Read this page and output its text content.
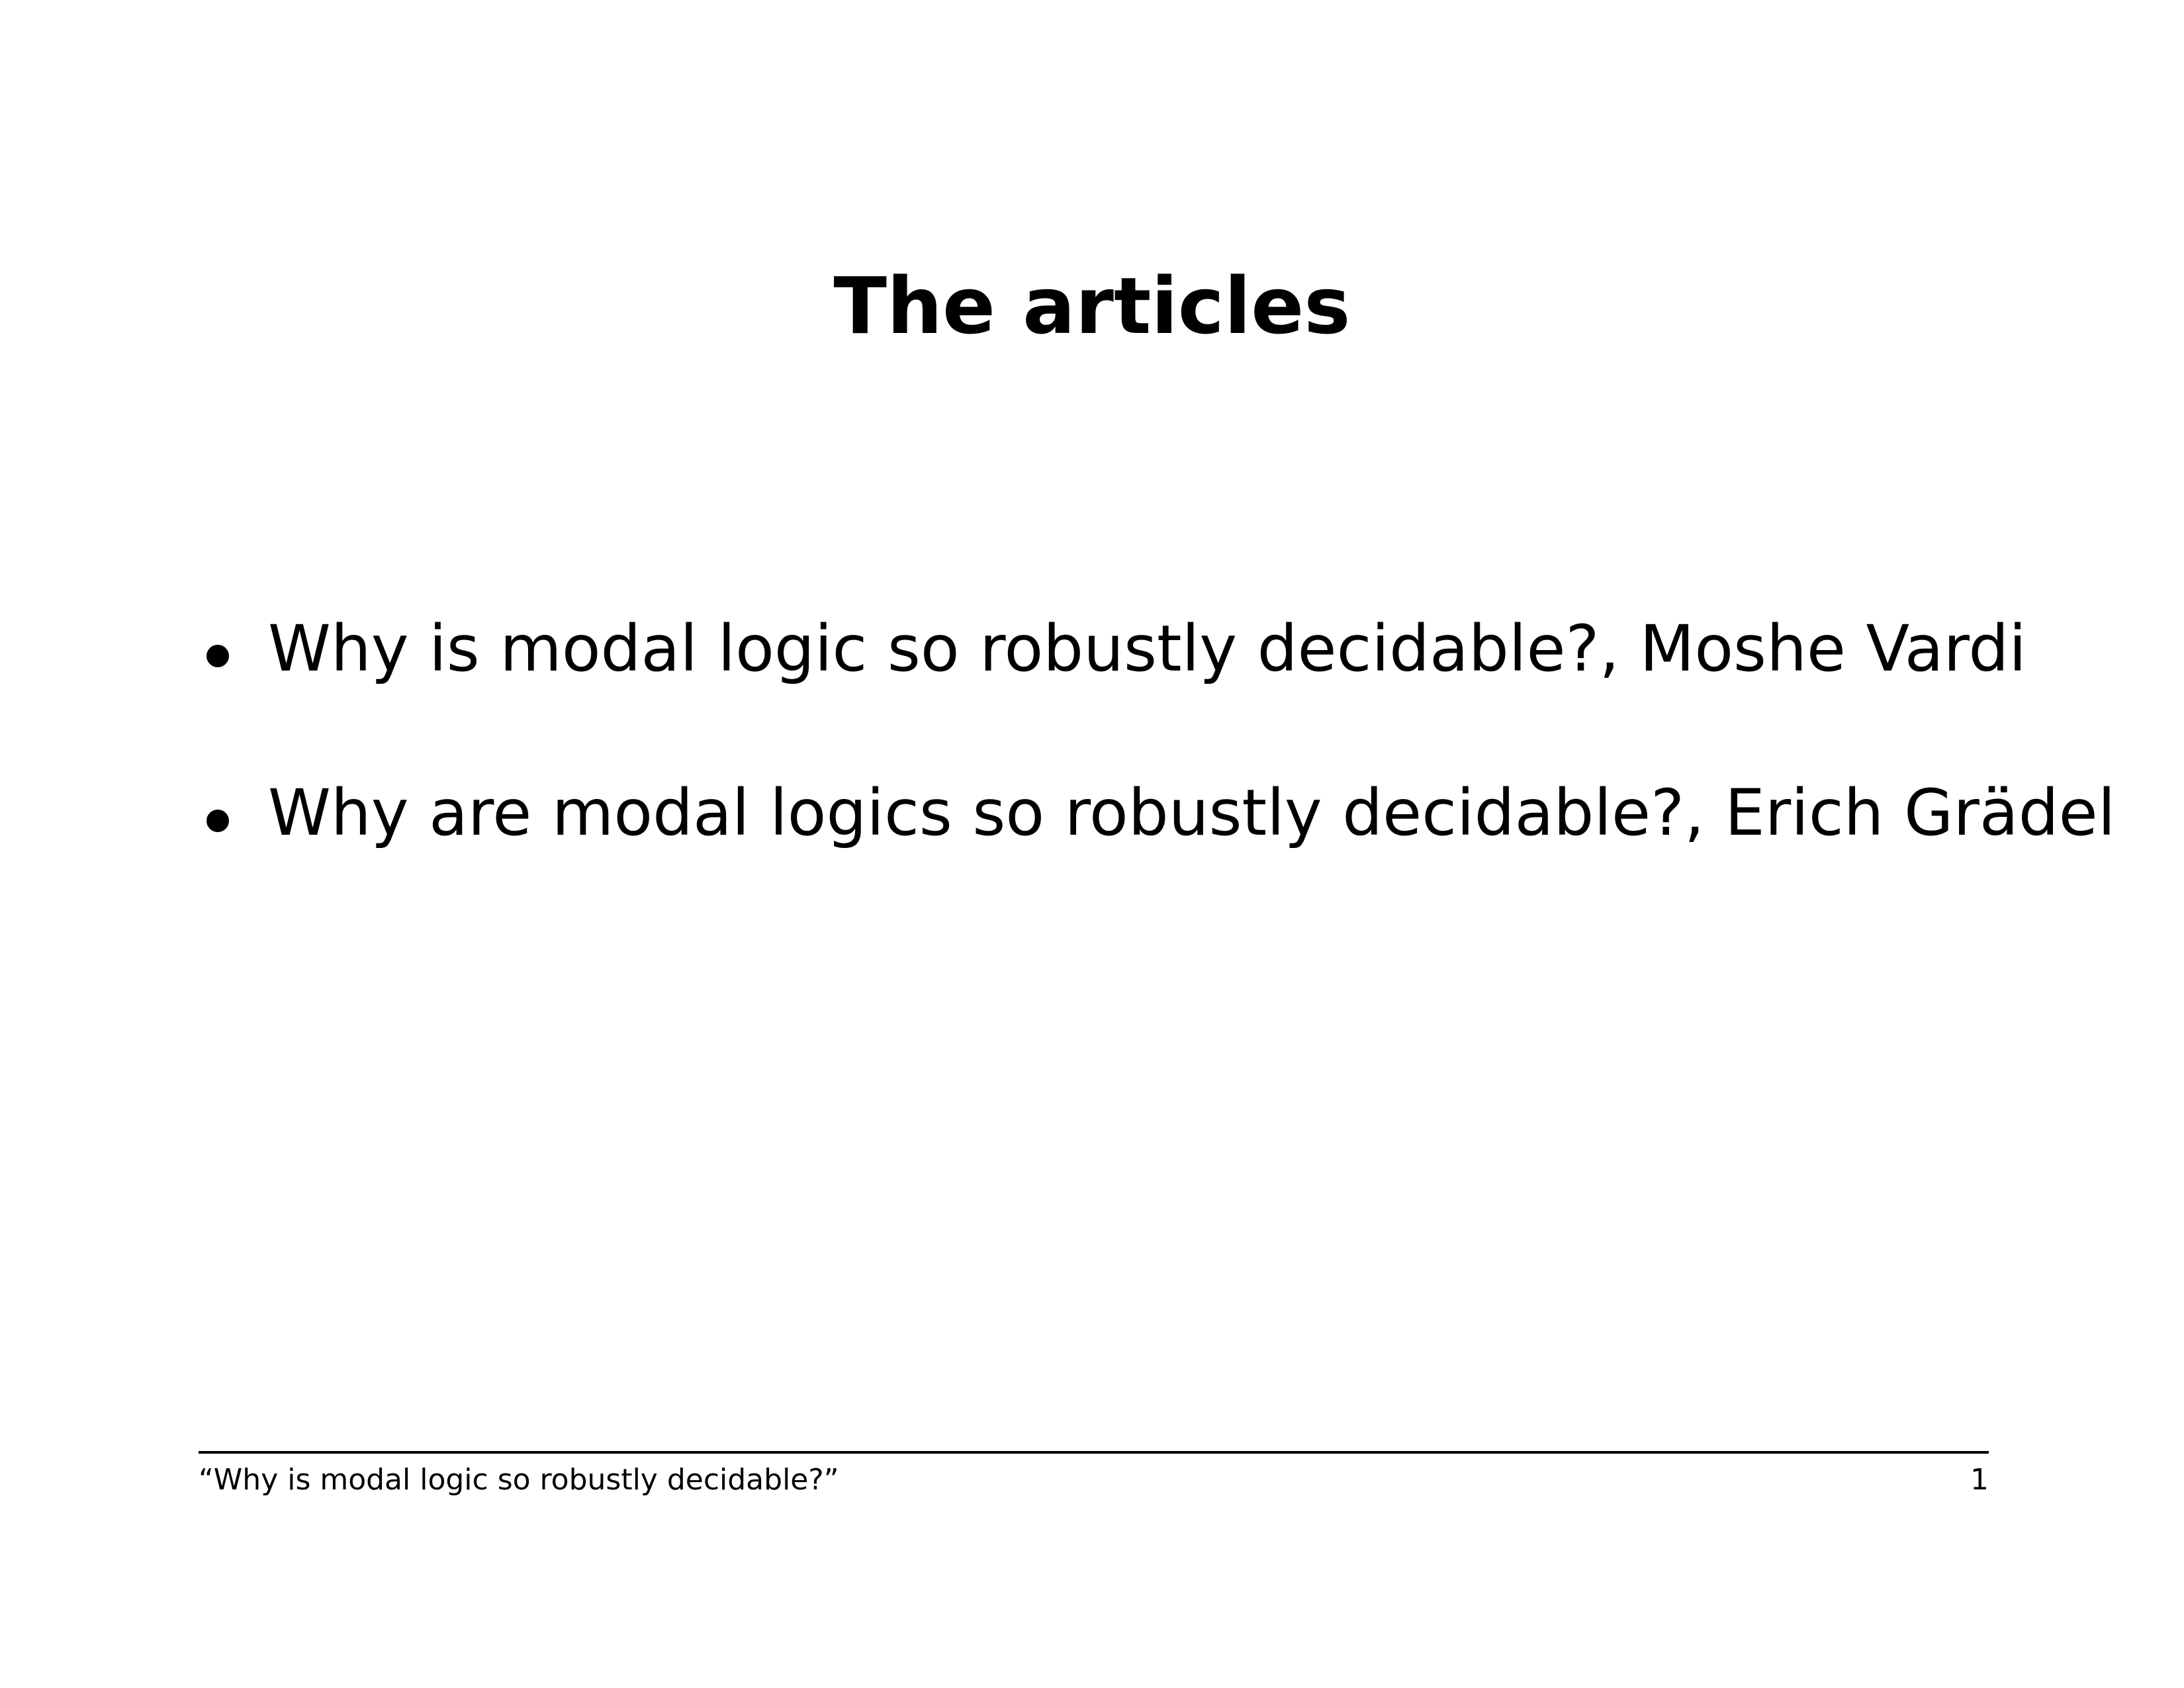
The articles
Why is modal logic so robustly decidable?, Moshe Vardi
Why are modal logics so robustly decidable?, Erich Grädel
“Why is modal logic so robustly decidable?”	1
